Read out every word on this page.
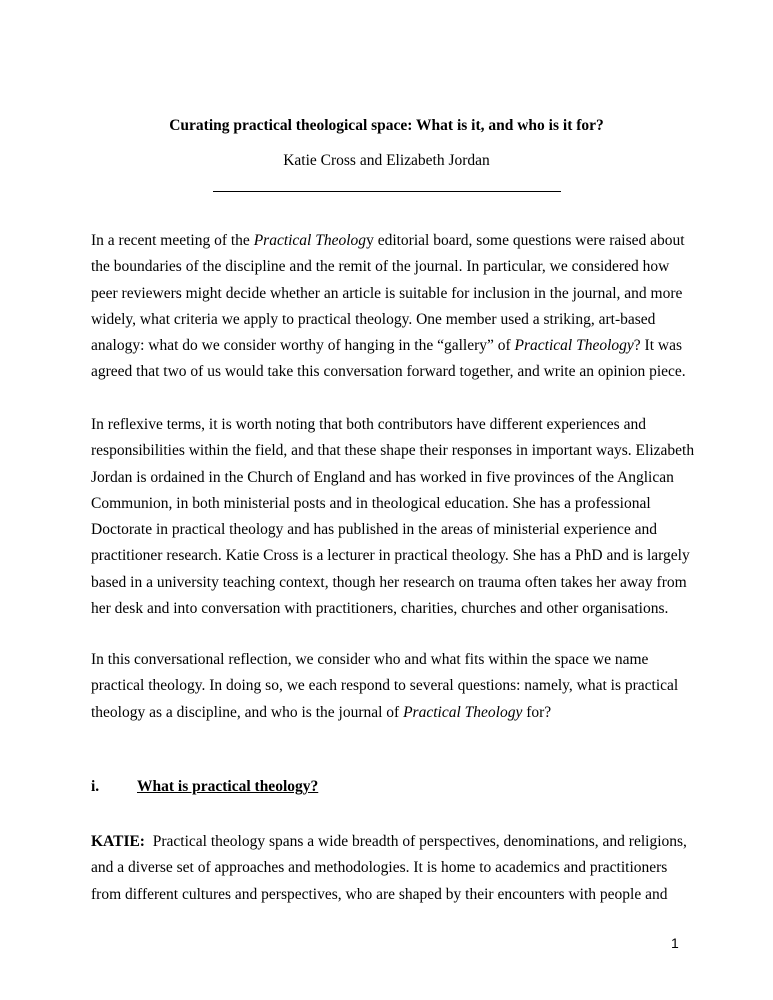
Curating practical theological space: What is it, and who is it for?

Katie Cross and Elizabeth Jordan

In a recent meeting of the Practical Theology editorial board, some questions were raised about
the boundaries of the discipline and the remit of the journal. In particular, we considered how
peer reviewers might decide whether an article is suitable for inclusion in the journal, and more
widely, what criteria we apply to practical theology. One member used a striking, art-based
analogy: what do we consider worthy of hanging in the “gallery” of Practical Theology? It was
agreed that two of us would take this conversation forward together, and write an opinion piece.

In reflexive terms, it is worth noting that both contributors have different experiences and
responsibilities within the field, and that these shape their responses in important ways. Elizabeth
Jordan is ordained in the Church of England and has worked in five provinces of the Anglican
Communion, in both ministerial posts and in theological education. She has a professional
Doctorate in practical theology and has published in the areas of ministerial experience and
practitioner research. Katie Cross is a lecturer in practical theology. She has a PhD and is largely
based in a university teaching context, though her research on trauma often takes her away from
her desk and into conversation with practitioners, charities, churches and other organisations.

In this conversational reflection, we consider who and what fits within the space we name
practical theology. In doing so, we each respond to several questions: namely, what is practical
theology as a discipline, and who is the journal of Practical Theology for?

i. What is practical theology?

KATIE:  Practical theology spans a wide breadth of perspectives, denominations, and religions,
and a diverse set of approaches and methodologies. It is home to academics and practitioners
from different cultures and perspectives, who are shaped by their encounters with people and

1
